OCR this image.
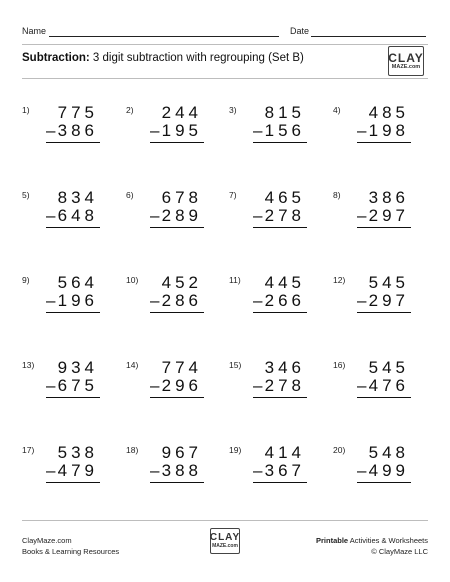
Name	Date
Subtraction: 3 digit subtraction with regrouping (Set B)	CLAY
MAZE.com
1) 775
– 386
2) 244
– 195
3) 815
– 156
4) 485
– 198
5) 834
– 648
6) 678
– 289
7) 465
– 278
8) 386
– 297
9) 564
– 196
10) 452
– 286
11) 445
– 266
12) 545
– 297
13) 934
– 675
14) 774
– 296
15) 346
– 278
16) 545
– 476
17) 538
– 479
18) 967
– 388
19) 414
– 367
20) 548
– 499
ClayMaze.com
Books & Learning Resources
CLAY
MAZE.com
Printable Activities & Worksheets
© ClayMaze LLC
